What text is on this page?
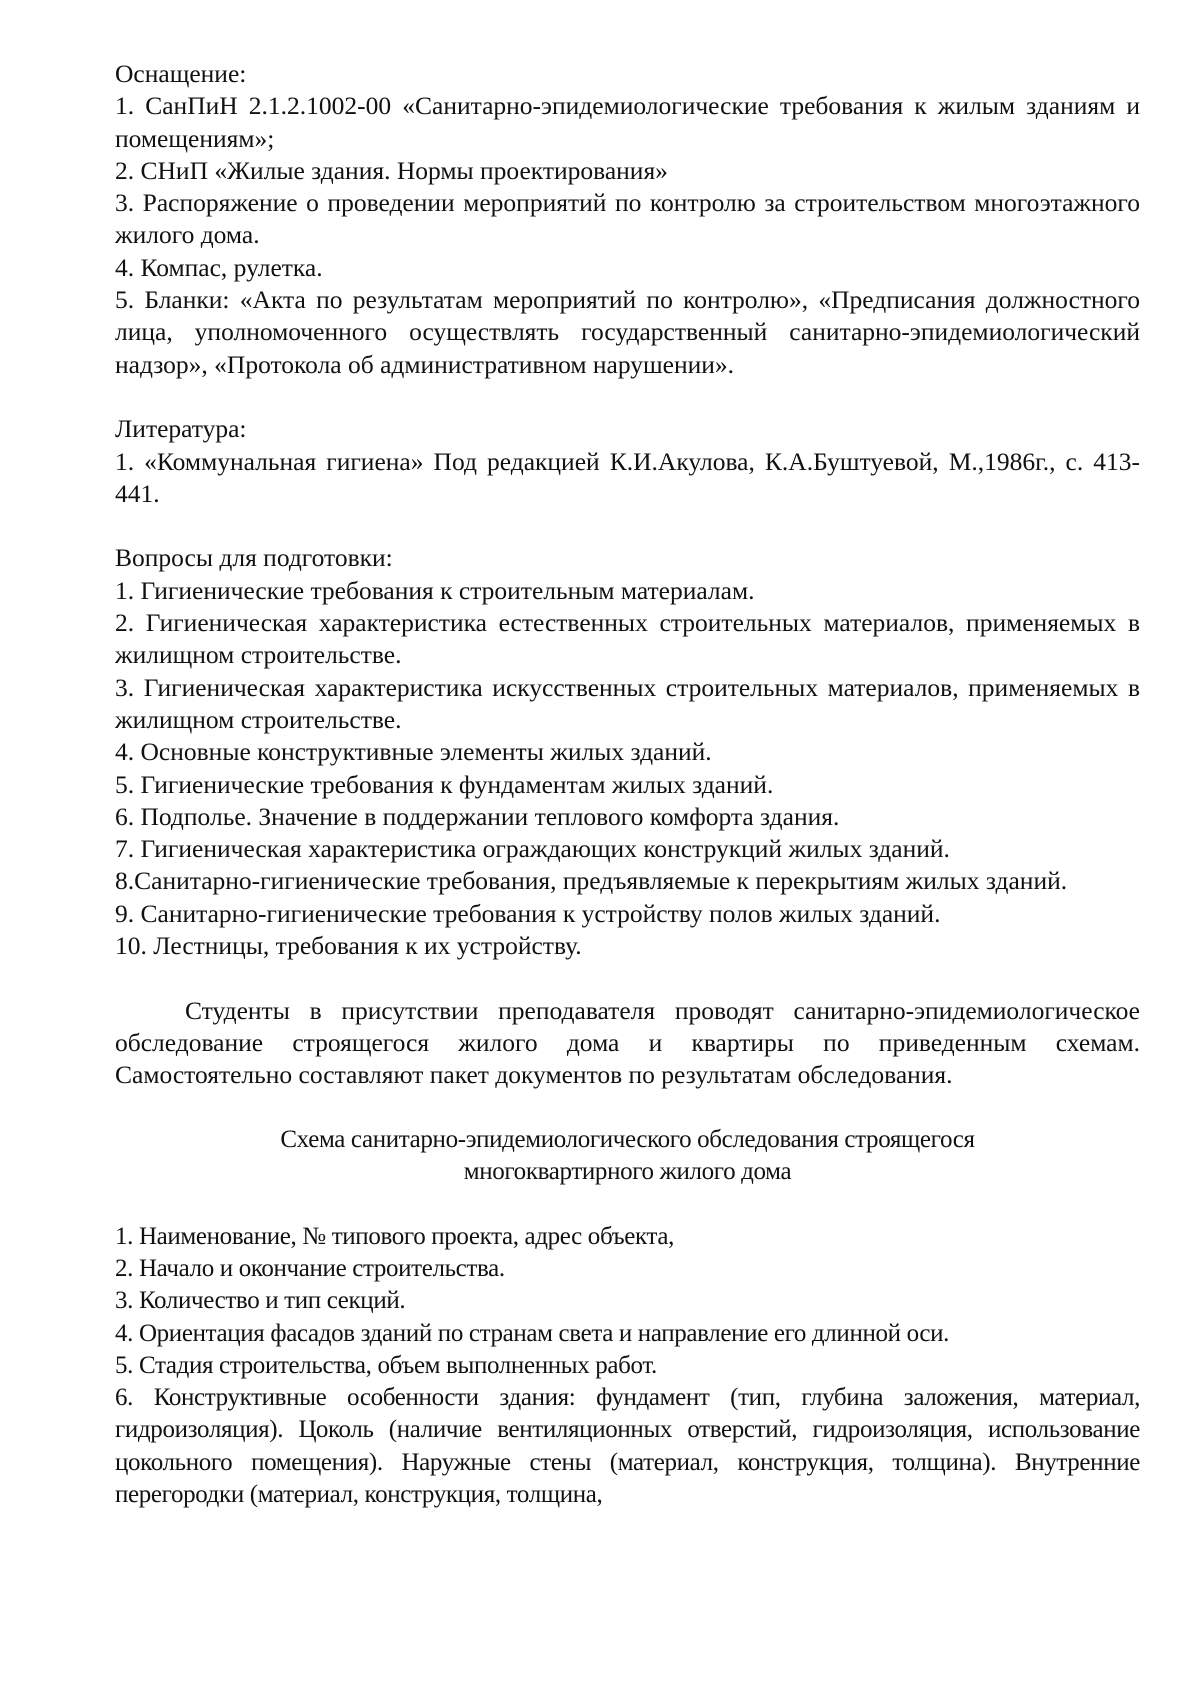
Оснащение:

1. СанПиН 2.1.2.1002-00 «Санитарно-эпидемиологические требования к жилым зданиям и помещениям»;

2. СНиП «Жилые здания. Нормы проектирования»

3. Распоряжение о проведении мероприятий по контролю за строительством многоэтажного жилого дома.

4. Компас, рулетка.

5. Бланки: «Акта по результатам мероприятий по контролю», «Предписания должностного лица, уполномоченного осуществлять государственный санитарно-эпидемиологический надзор», «Протокола об административном нарушении».

Литература:

1. «Коммунальная гигиена» Под редакцией К.И.Акулова, К.А.Буштуевой, М.,1986г., с. 413-441.

Вопросы для подготовки:

1. Гигиенические требования к строительным материалам.

2. Гигиеническая характеристика естественных строительных материалов, применяемых в жилищном строительстве.

3. Гигиеническая характеристика искусственных строительных материалов, применяемых в жилищном строительстве.

4. Основные конструктивные элементы жилых зданий.

5. Гигиенические требования к фундаментам жилых зданий.

6. Подполье. Значение в поддержании теплового комфорта здания.

7. Гигиеническая характеристика ограждающих конструкций жилых зданий.

8.Санитарно-гигиенические требования, предъявляемые к перекрытиям жилых зданий.

9. Санитарно-гигиенические требования к устройству полов жилых зданий.

10. Лестницы, требования к их устройству.

Студенты в присутствии преподавателя проводят санитарно-эпидемиологическое обследование строящегося жилого дома и квартиры по приведенным схемам. Самостоятельно составляют пакет документов по результатам обследования.

Схема санитарно-эпидемиологического обследования строящегося

многоквартирного жилого дома

1. Наименование, № типового проекта, адрес объекта,

2. Начало и окончание строительства.

3. Количество и тип секций.

4. Ориентация фасадов зданий по странам света и направление его длинной оси.

5. Стадия строительства, объем выполненных работ.

6. Конструктивные особенности здания: фундамент (тип, глубина заложения, материал, гидроизоляция). Цоколь (наличие вентиляционных отверстий, гидроизоляция, использование цокольного помещения). Наружные стены (материал, конструкция, толщина). Внутренние перегородки (материал, конструкция, толщина,
